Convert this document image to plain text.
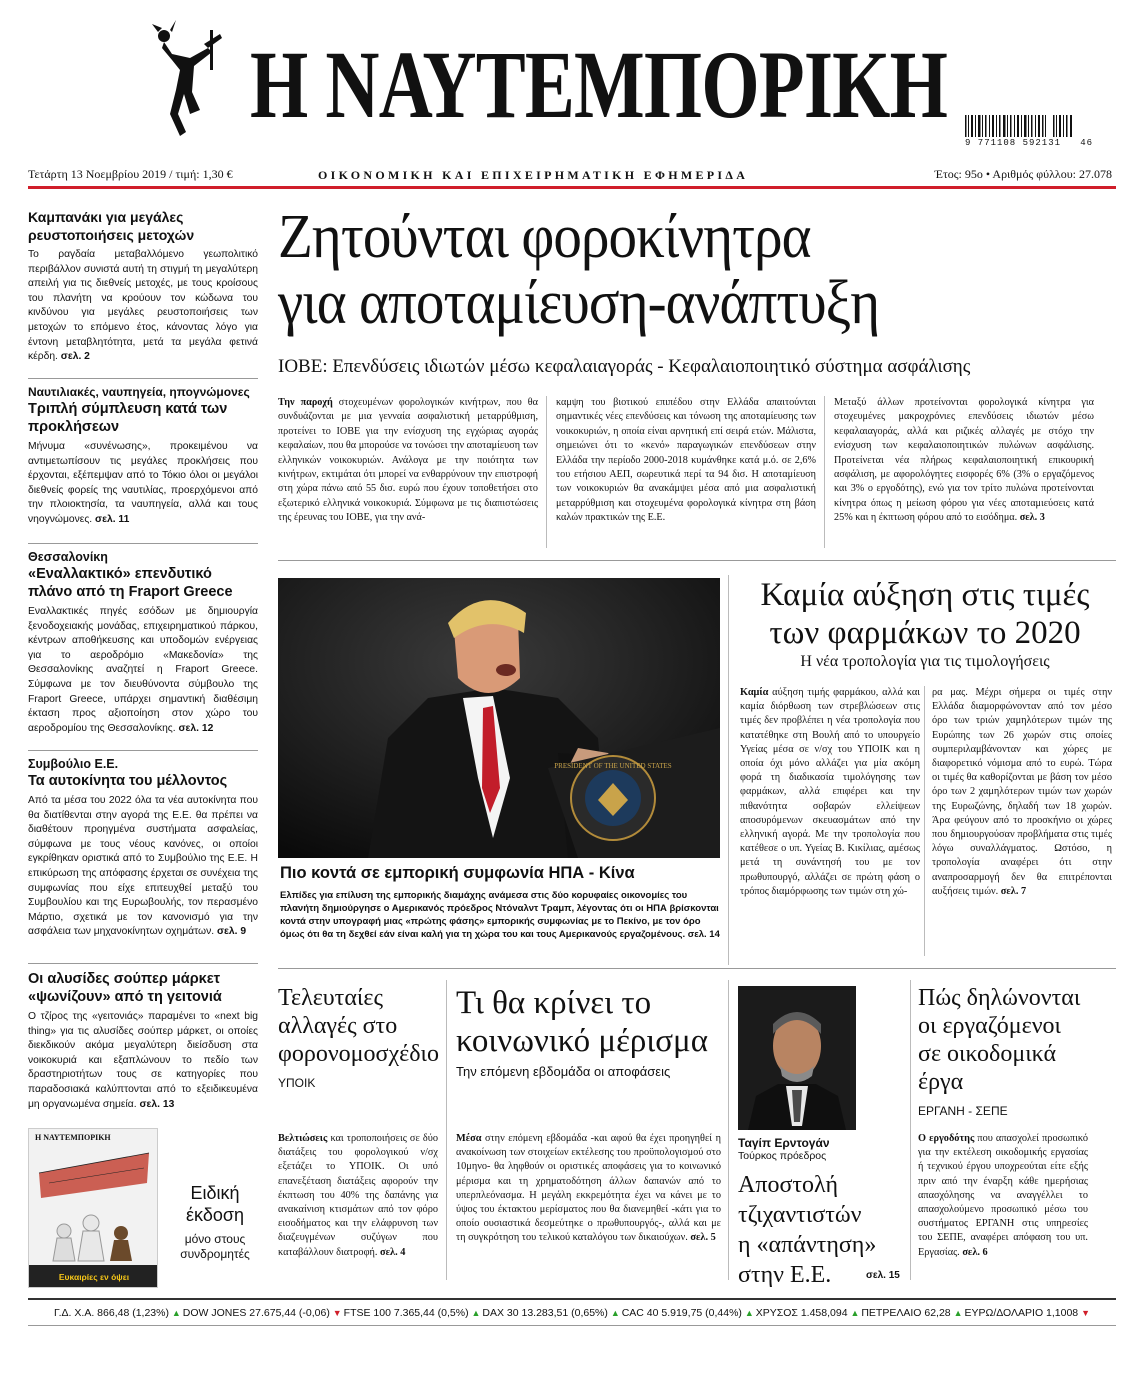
Η ΝΑΥΤΕΜΠΟΡΙΚΗ
9 771108 592131 46
Τετάρτη 13 Νοεμβρίου 2019 / τιμή: 1,30 €	ΟΙΚΟΝΟΜΙΚΗ ΚΑΙ ΕΠΙΧΕΙΡΗΜΑΤΙΚΗ ΕΦΗΜΕΡΙΔΑ	Έτος: 95ο • Αριθμός φύλλου: 27.078
Καμπανάκι για μεγάλες ρευστοποιήσεις μετοχών
Το ραγδαία μεταβαλλόμενο γεωπολιτικό περιβάλλον συνιστά αυτή τη στιγμή τη μεγαλύτερη απειλή για τις διεθνείς μετοχές, με τους κροίσους του πλανήτη να κρούουν τον κώδωνα του κινδύνου για μεγάλες ρευστοποιήσεις των μετοχών το επόμενο έτος, κάνοντας λόγο για έντονη μεταβλητότητα, μετά τα μεγάλα φετινά κέρδη. σελ. 2
Ναυτιλιακές, ναυπηγεία, ηπογνώμονες
Τριπλή σύμπλευση κατά των προκλήσεων
Μήνυμα «συνένωσης», προκειμένου να αντιμετωπίσουν τις μεγάλες προκλήσεις που έρχονται, εξέπεμψαν από το Τόκιο όλοι οι μεγάλοι διεθνείς φορείς της ναυτιλίας, προερχόμενοι από την πλοιοκτησία, τα ναυπηγεία, αλλά και τους νηογνώμονες. σελ. 11
Θεσσαλονίκη
«Εναλλακτικό» επενδυτικό πλάνο από τη Fraport Greece
Εναλλακτικές πηγές εσόδων με δημιουργία ξενοδοχειακής μονάδας, επιχειρηματικού πάρκου, κέντρων αποθήκευσης και υποδομών ενέργειας για το αεροδρόμιο «Μακεδονία» της Θεσσαλονίκης αναζητεί η Fraport Greece. Σύμφωνα με τον διευθύνοντα σύμβουλο της Fraport Greece, υπάρχει σημαντική διαθέσιμη έκταση προς αξιοποίηση στον χώρο του αεροδρομίου της Θεσσαλονίκης. σελ. 12
Συμβούλιο Ε.Ε.
Τα αυτοκίνητα του μέλλοντος
Από τα μέσα του 2022 όλα τα νέα αυτοκίνητα που θα διατίθενται στην αγορά της Ε.Ε. θα πρέπει να διαθέτουν προηγμένα συστήματα ασφαλείας, σύμφωνα με τους νέους κανόνες, οι οποίοι εγκρίθηκαν οριστικά από το Συμβούλιο της Ε.Ε. Η επικύρωση της απόφασης έρχεται σε συνέχεια της συμφωνίας που είχε επιτευχθεί μεταξύ του Συμβουλίου και της Ευρωβουλής, τον περασμένο Μάρτιο, σχετικά με τον κανονισμό για την ασφάλεια των μηχανοκίνητων οχημάτων. σελ. 9
Οι αλυσίδες σούπερ μάρκετ «ψωνίζουν» από τη γειτονιά
Ο τζίρος της «γειτονιάς» παραμένει το «next big thing» για τις αλυσίδες σούπερ μάρκετ, οι οποίες διεκδικούν ακόμα μεγαλύτερη διείσδυση στα νοικοκυριά και εξαπλώνουν το πεδίο των δραστηριοτήτων τους σε κατηγορίες που παραδοσιακά καλύπτονται από το εξειδικευμένα μη οργανωμένα σημεία. σελ. 13
Η ΝΑΥΤΕΜΠΟΡΙΚΗ
Ευκαιρίες εν όψει
Ειδική έκδοση
μόνο στους συνδρομητές
Ζητούνται φοροκίνητρα
για αποταμίευση-ανάπτυξη
ΙΟΒΕ: Επενδύσεις ιδιωτών μέσω κεφαλαιαγοράς - Κεφαλαιοποιητικό σύστημα ασφάλισης
Την παροχή στοχευμένων φορολογικών κινήτρων, που θα συνδυάζονται με μια γενναία ασφαλιστική μεταρρύθμιση, προτείνει το ΙΟΒΕ για την ενίσχυση της εγχώριας αγοράς κεφαλαίων, που θα μπορούσε να τονώσει την αποταμίευση των ελληνικών νοικοκυριών. Ανάλογα με την ποιότητα των κινήτρων, εκτιμάται ότι μπορεί να ενθαρρύνουν την επιστροφή στη χώρα πάνω από 55 δισ. ευρώ που έχουν τοποθετήσει στο εξωτερικό ελληνικά νοικοκυριά. Σύμφωνα με τις διαπιστώσεις της έρευνας του ΙΟΒΕ, για την ανά-
καμψη του βιοτικού επιπέδου στην Ελλάδα απαιτούνται σημαντικές νέες επενδύσεις και τόνωση της αποταμίευσης των νοικοκυριών, η οποία είναι αρνητική επί σειρά ετών. Μάλιστα, σημειώνει ότι το «κενό» παραγωγικών επενδύσεων στην Ελλάδα την περίοδο 2000-2018 κυμάνθηκε κατά μ.ό. σε 2,6% του ετήσιου ΑΕΠ, σωρευτικά περί τα 94 δισ. Η αποταμίευση των νοικοκυριών θα ανακάμψει μέσα από μια ασφαλιστική μεταρρύθμιση και στοχευμένα φορολογικά κίνητρα στη βάση καλών πρακτικών της Ε.Ε.
Μεταξύ άλλων προτείνονται φορολογικά κίνητρα για στοχευμένες μακροχρόνιες επενδύσεις ιδιωτών μέσω κεφαλαιαγοράς, αλλά και ριζικές αλλαγές με στόχο την ενίσχυση των κεφαλαιοποιητικών πυλώνων ασφάλισης. Προτείνεται νέα πλήρως κεφαλαιοποιητική επικουρική ασφάλιση, με αφορολόγητες εισφορές 6% (3% ο εργαζόμενος και 3% ο εργοδότης), ενώ για τον τρίτο πυλώνα προτείνονται κίνητρα όπως η μείωση φόρου για νέες αποταμιεύσεις κατά 25% και η έκπτωση φόρου από το εισόδημα. σελ. 3
PRESIDENT OF THE UNITED STATES
Πιο κοντά σε εμπορική συμφωνία ΗΠΑ - Κίνα
Ελπίδες για επίλυση της εμπορικής διαμάχης ανάμεσα στις δύο κορυφαίες οικονομίες του πλανήτη δημιούργησε ο Αμερικανός πρόεδρος Ντόναλντ Τραμπ, λέγοντας ότι οι ΗΠΑ βρίσκονται κοντά στην υπογραφή μιας «πρώτης φάσης» εμπορικής συμφωνίας με το Πεκίνο, με τον όρο όμως ότι θα τη δεχθεί εάν είναι καλή για τη χώρα του και τους Αμερικανούς εργαζομένους. σελ. 14
Καμία αύξηση στις τιμές των φαρμάκων το 2020
Η νέα τροπολογία για τις τιμολογήσεις
Καμία αύξηση τιμής φαρμάκου, αλλά και καμία διόρθωση των στρεβλώσεων στις τιμές δεν προβλέπει η νέα τροπολογία που κατατέθηκε στη Βουλή από το υπουργείο Υγείας μέσα σε ν/σχ του ΥΠΟΙΚ και η οποία όχι μόνο αλλάζει για μία ακόμη φορά τη διαδικασία τιμολόγησης των φαρμάκων, αλλά επιφέρει και την πιθανότητα σοβαρών ελλείψεων αποσυρόμενων σκευασμάτων από την ελληνική αγορά. Με την τροπολογία που κατέθεσε ο υπ. Υγείας Β. Κικίλιας, αμέσως μετά τη συνάντησή του με τον πρωθυπουργό, αλλάζει σε πρώτη φάση ο τρόπος διαμόρφωσης των τιμών στη χώ-
ρα μας. Μέχρι σήμερα οι τιμές στην Ελλάδα διαμορφώνονταν από τον μέσο όρο των τριών χαμηλότερων τιμών της Ευρώπης των 26 χωρών στις οποίες συμπεριλαμβάνονταν και χώρες με διαφορετικό νόμισμα από το ευρώ. Τώρα οι τιμές θα καθορίζονται με βάση τον μέσο όρο των 2 χαμηλότερων τιμών των χωρών της Ευρωζώνης, δηλαδή των 18 χωρών. Άρα φεύγουν από το προσκήνιο οι χώρες που δημιουργούσαν προβλήματα στις τιμές λόγω συναλλάγματος. Ωστόσο, η τροπολογία αναφέρει ότι στην αναπροσαρμογή δεν θα επιτρέπονται αυξήσεις τιμών. σελ. 7
Τελευταίες αλλαγές στο φορονομοσχέδιο
ΥΠΟΙΚ
Βελτιώσεις και τροποποιήσεις σε δύο διατάξεις του φορολογικού ν/σχ εξετάζει το ΥΠΟΙΚ. Οι υπό επανεξέταση διατάξεις αφορούν την έκπτωση του 40% της δαπάνης για ανακαίνιση κτισμάτων από τον φόρο εισοδήματος και την ελάφρυνση των διαζευγμένων συζύγων που καταβάλλουν διατροφή. σελ. 4
Τι θα κρίνει το κοινωνικό μέρισμα
Την επόμενη εβδομάδα οι αποφάσεις
Μέσα στην επόμενη εβδομάδα -και αφού θα έχει προηγηθεί η ανακοίνωση των στοιχείων εκτέλεσης του προϋπολογισμού στο 10μηνο- θα ληφθούν οι οριστικές αποφάσεις για το κοινωνικό μέρισμα και τη χρηματοδότηση άλλων δαπανών από το υπερπλεόνασμα. Η μεγάλη εκκρεμότητα έχει να κάνει με το ύψος του έκτακτου μερίσματος που θα διανεμηθεί -κάτι για το οποίο ουσιαστικά δεσμεύτηκε ο πρωθυπουργός-, αλλά και με τη συγκρότηση του τελικού καταλόγου των δικαιούχων. σελ. 5
Ταγίπ Ερντογάν
Τούρκος πρόεδρος
Αποστολή τζιχαντιστών η «απάντηση» στην Ε.Ε.	σελ. 15
Πώς δηλώνονται οι εργαζόμενοι σε οικοδομικά έργα
ΕΡΓΑΝΗ - ΣΕΠΕ
Ο εργοδότης που απασχολεί προσωπικό για την εκτέλεση οικοδομικής εργασίας ή τεχνικού έργου υποχρεούται είτε εξής πριν από την έναρξη κάθε ημερήσιας απασχόλησης να αναγγέλλει το απασχολούμενο προσωπικό μέσω του συστήματος ΕΡΓΑΝΗ στις υπηρεσίες του ΣΕΠΕ, αναφέρει απόφαση του υπ. Εργασίας. σελ. 6
Γ.Δ. Χ.Α. 866,48 (1,23%) ▲ DOW JONES 27.675,44 (-0,06) ▼ FTSE 100 7.365,44 (0,5%) ▲ DAX 30 13.283,51 (0,65%) ▲ CAC 40 5.919,75 (0,44%) ▲ ΧΡΥΣΟΣ 1.458,094 ▲ ΠΕΤΡΕΛΑΙΟ 62,28 ▲ ΕΥΡΩ/ΔΟΛΑΡΙΟ 1,1008 ▼
